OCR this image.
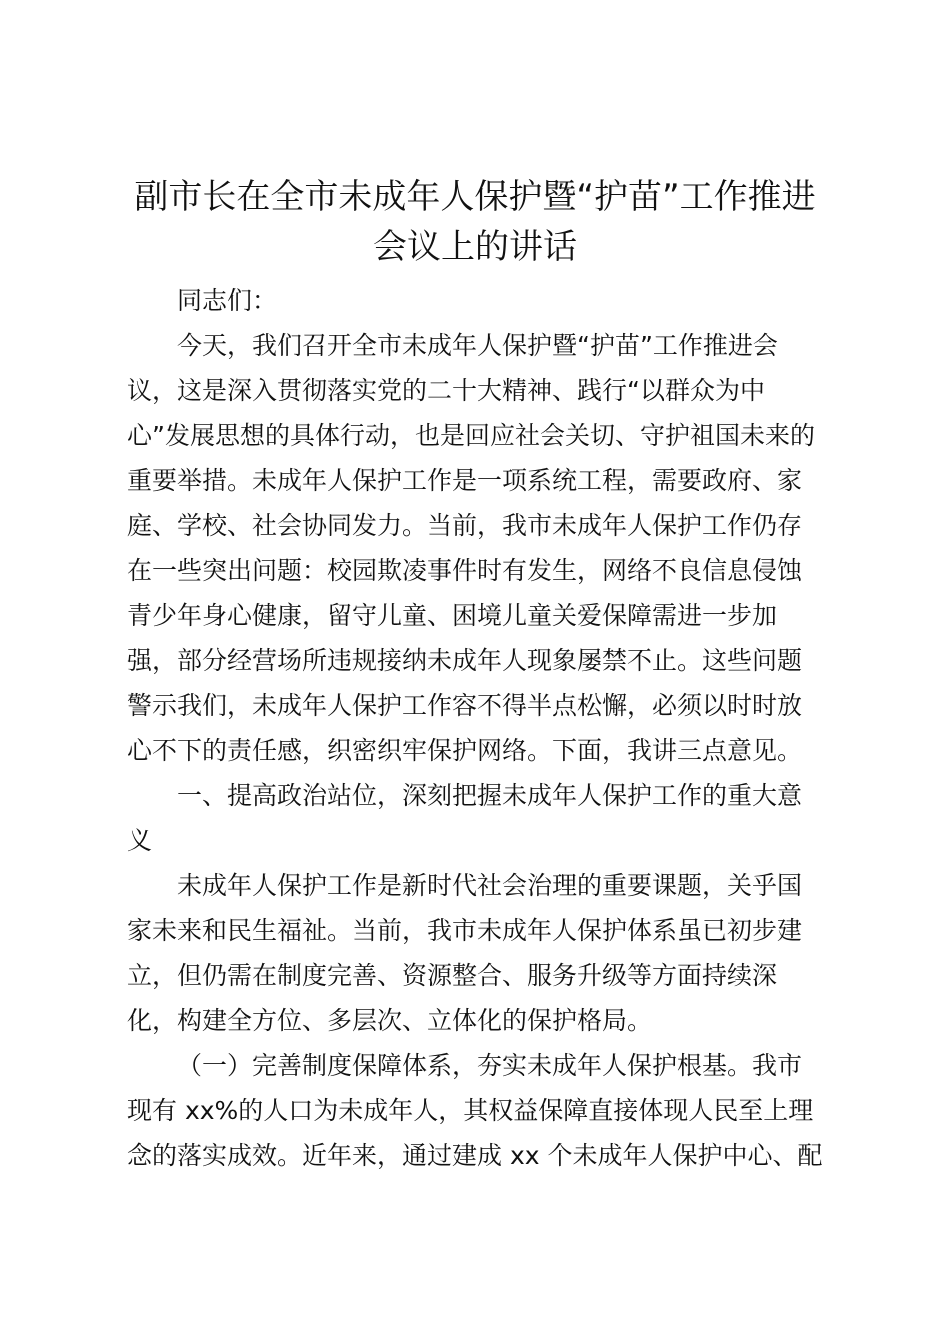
副市长在全市未成年人保护暨“护苗”工作推进
会议上的讲话
同志们：
今天，我们召开全市未成年人保护暨“护苗”工作推进会
议，这是深入贯彻落实党的二十大精神、践行“以群众为中
心”发展思想的具体行动，也是回应社会关切、守护祖国未来的
重要举措。未成年人保护工作是一项系统工程，需要政府、家
庭、学校、社会协同发力。当前，我市未成年人保护工作仍存
在一些突出问题：校园欺凌事件时有发生，网络不良信息侵蚀
青少年身心健康，留守儿童、困境儿童关爱保障需进一步加
强，部分经营场所违规接纳未成年人现象屡禁不止。这些问题
警示我们，未成年人保护工作容不得半点松懈，必须以时时放
心不下的责任感，织密织牢保护网络。下面，我讲三点意见。
一、提高政治站位，深刻把握未成年人保护工作的重大意
义
未成年人保护工作是新时代社会治理的重要课题，关乎国
家未来和民生福祉。当前，我市未成年人保护体系虽已初步建
立，但仍需在制度完善、资源整合、服务升级等方面持续深
化，构建全方位、多层次、立体化的保护格局。
（一）完善制度保障体系，夯实未成年人保护根基。我市
现有 xx%的人口为未成年人，其权益保障直接体现人民至上理
念的落实成效。近年来，通过建成 xx 个未成年人保护中心、配
